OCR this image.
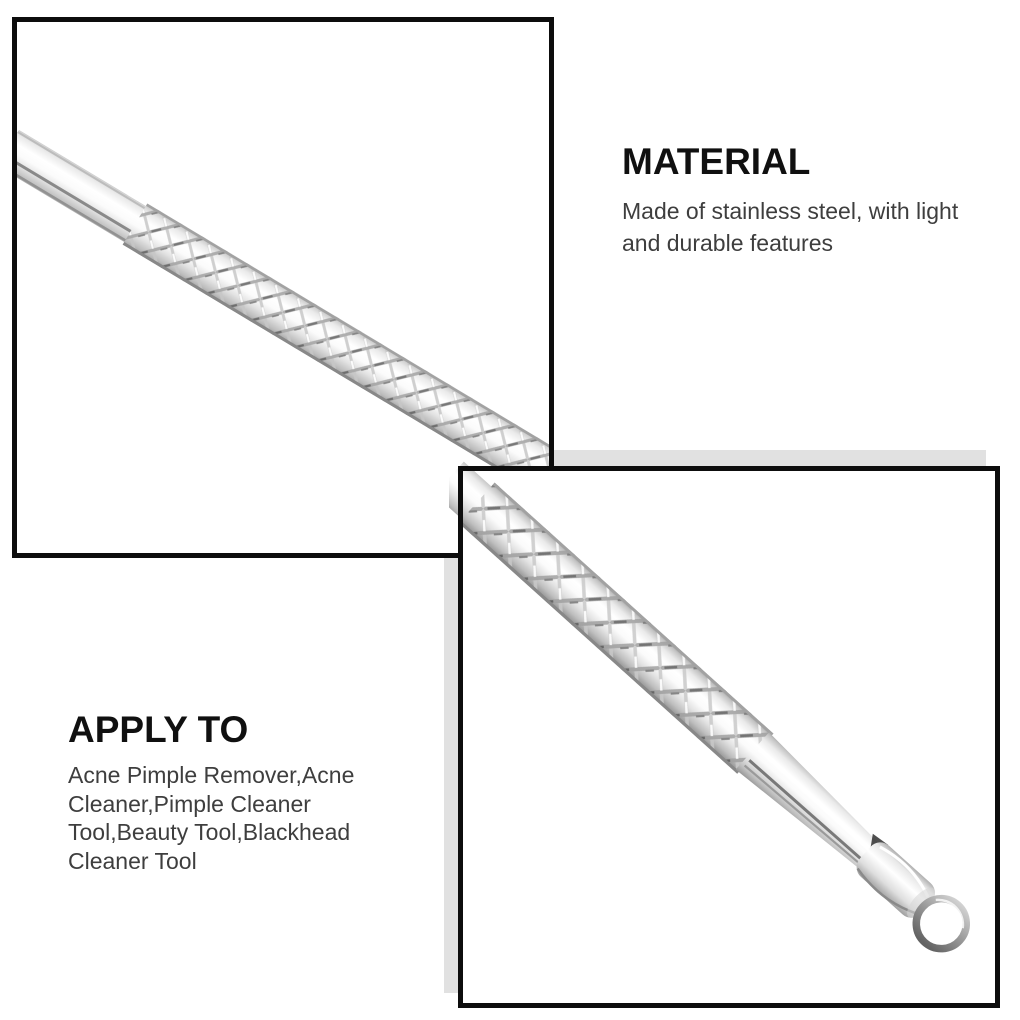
MATERIAL
Made of stainless steel, with light and durable features
APPLY TO
Acne Pimple Remover,Acne Cleaner,Pimple Cleaner Tool,Beauty Tool,Blackhead Cleaner Tool
